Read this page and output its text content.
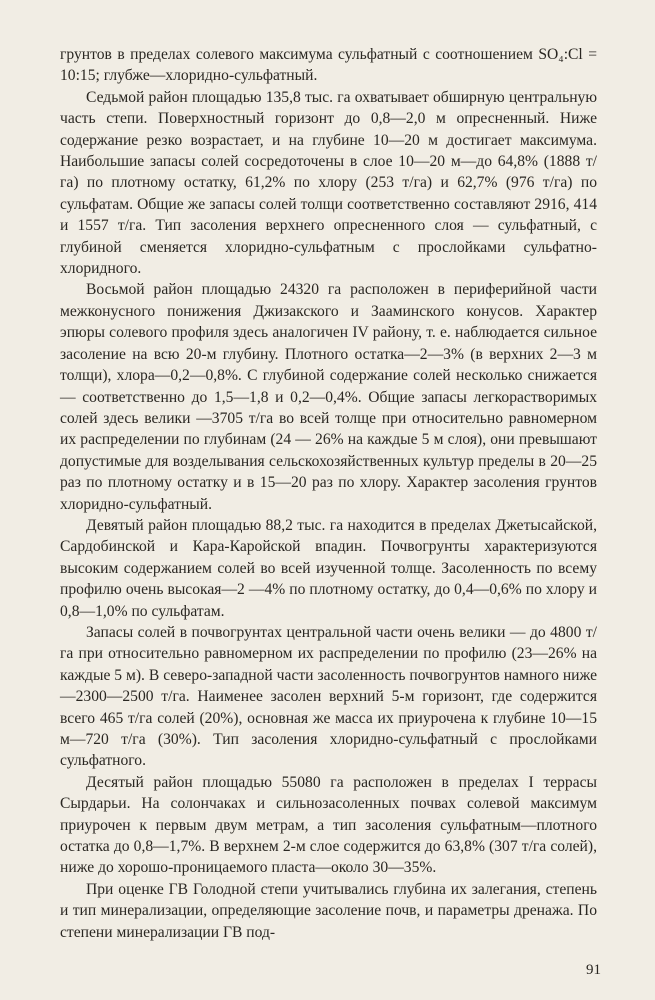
грунтов в пределах солевого максимума сульфатный с соотношением SO₄:Cl = 10:15; глубже—хлоридно-сульфатный.

Седьмой район площадью 135,8 тыс. га охватывает обширную центральную часть степи. Поверхностный горизонт до 0,8—2,0 м опресненный. Ниже содержание резко возрастает, и на глубине 10—20 м достигает максимума. Наибольшие запасы солей сосредоточены в слое 10—20 м—до 64,8% (1888 т/га) по плотному остатку, 61,2% по хлору (253 т/га) и 62,7% (976 т/га) по сульфатам. Общие же запасы солей толщи соответственно составляют 2916, 414 и 1557 т/га. Тип засоления верхнего опресненного слоя — сульфатный, с глубиной сменяется хлоридно-сульфатным с прослойками сульфатно-хлоридного.

Восьмой район площадью 24320 га расположен в периферийной части межконусного понижения Джизакского и Зааминского конусов. Характер эпюры солевого профиля здесь аналогичен IV району, т. е. наблюдается сильное засоление на всю 20-м глубину. Плотного остатка—2—3% (в верхних 2—3 м толщи), хлора—0,2—0,8%. С глубиной содержание солей несколько снижается — соответственно до 1,5—1,8 и 0,2—0,4%. Общие запасы легкорастворимых солей здесь велики —3705 т/га во всей толще при относительно равномерном их распределении по глубинам (24 — 26% на каждые 5 м слоя), они превышают допустимые для возделывания сельскохозяйственных культур пределы в 20—25 раз по плотному остатку и в 15—20 раз по хлору. Характер засоления грунтов хлоридно-сульфатный.

Девятый район площадью 88,2 тыс. га находится в пределах Джетысайской, Сардобинской и Кара-Каройской впадин. Почвогрунты характеризуются высоким содержанием солей во всей изученной толще. Засоленность по всему профилю очень высокая—2 —4% по плотному остатку, до 0,4—0,6% по хлору и 0,8—1,0% по сульфатам.

Запасы солей в почвогрунтах центральной части очень велики — до 4800 т/га при относительно равномерном их распределении по профилю (23—26% на каждые 5 м). В северо-западной части засоленность почвогрунтов намного ниже—2300—2500 т/га. Наименее засолен верхний 5-м горизонт, где содержится всего 465 т/га солей (20%), основная же масса их приурочена к глубине 10—15 м—720 т/га (30%). Тип засоления хлоридно-сульфатный с прослойками сульфатного.

Десятый район площадью 55080 га расположен в пределах I террасы Сырдарьи. На солончаках и сильнозасоленных почвах солевой максимум приурочен к первым двум метрам, а тип засоления сульфатным—плотного остатка до 0,8—1,7%. В верхнем 2-м слое содержится до 63,8% (307 т/га солей), ниже до хорошо-проницаемого пласта—около 30—35%.

При оценке ГВ Голодной степи учитывались глубина их залегания, степень и тип минерализации, определяющие засоление почв, и параметры дренажа. По степени минерализации ГВ под-

91
